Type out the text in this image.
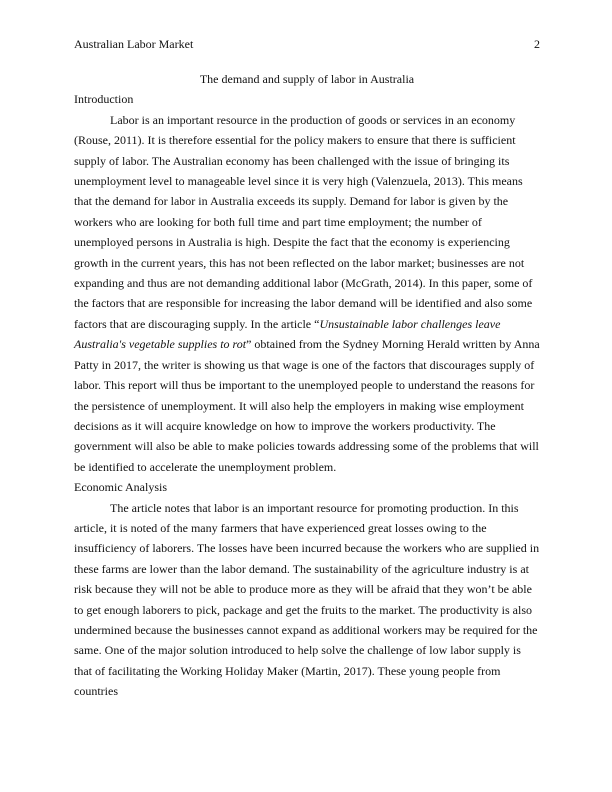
Australian Labor Market	2

The demand and supply of labor in Australia

Introduction

Labor is an important resource in the production of goods or services in an economy (Rouse, 2011). It is therefore essential for the policy makers to ensure that there is sufficient supply of labor. The Australian economy has been challenged with the issue of bringing its unemployment level to manageable level since it is very high (Valenzuela, 2013). This means that the demand for labor in Australia exceeds its supply. Demand for labor is given by the workers who are looking for both full time and part time employment; the number of unemployed persons in Australia is high. Despite the fact that the economy is experiencing growth in the current years, this has not been reflected on the labor market; businesses are not expanding and thus are not demanding additional labor (McGrath, 2014). In this paper, some of the factors that are responsible for increasing the labor demand will be identified and also some factors that are discouraging supply. In the article “Unsustainable labor challenges leave Australia's vegetable supplies to rot” obtained from the Sydney Morning Herald written by Anna Patty in 2017, the writer is showing us that wage is one of the factors that discourages supply of labor. This report will thus be important to the unemployed people to understand the reasons for the persistence of unemployment. It will also help the employers in making wise employment decisions as it will acquire knowledge on how to improve the workers productivity. The government will also be able to make policies towards addressing some of the problems that will be identified to accelerate the unemployment problem.

Economic Analysis

The article notes that labor is an important resource for promoting production. In this article, it is noted of the many farmers that have experienced great losses owing to the insufficiency of laborers. The losses have been incurred because the workers who are supplied in these farms are lower than the labor demand. The sustainability of the agriculture industry is at risk because they will not be able to produce more as they will be afraid that they won’t be able to get enough laborers to pick, package and get the fruits to the market. The productivity is also undermined because the businesses cannot expand as additional workers may be required for the same. One of the major solution introduced to help solve the challenge of low labor supply is that of facilitating the Working Holiday Maker (Martin, 2017). These young people from countries
